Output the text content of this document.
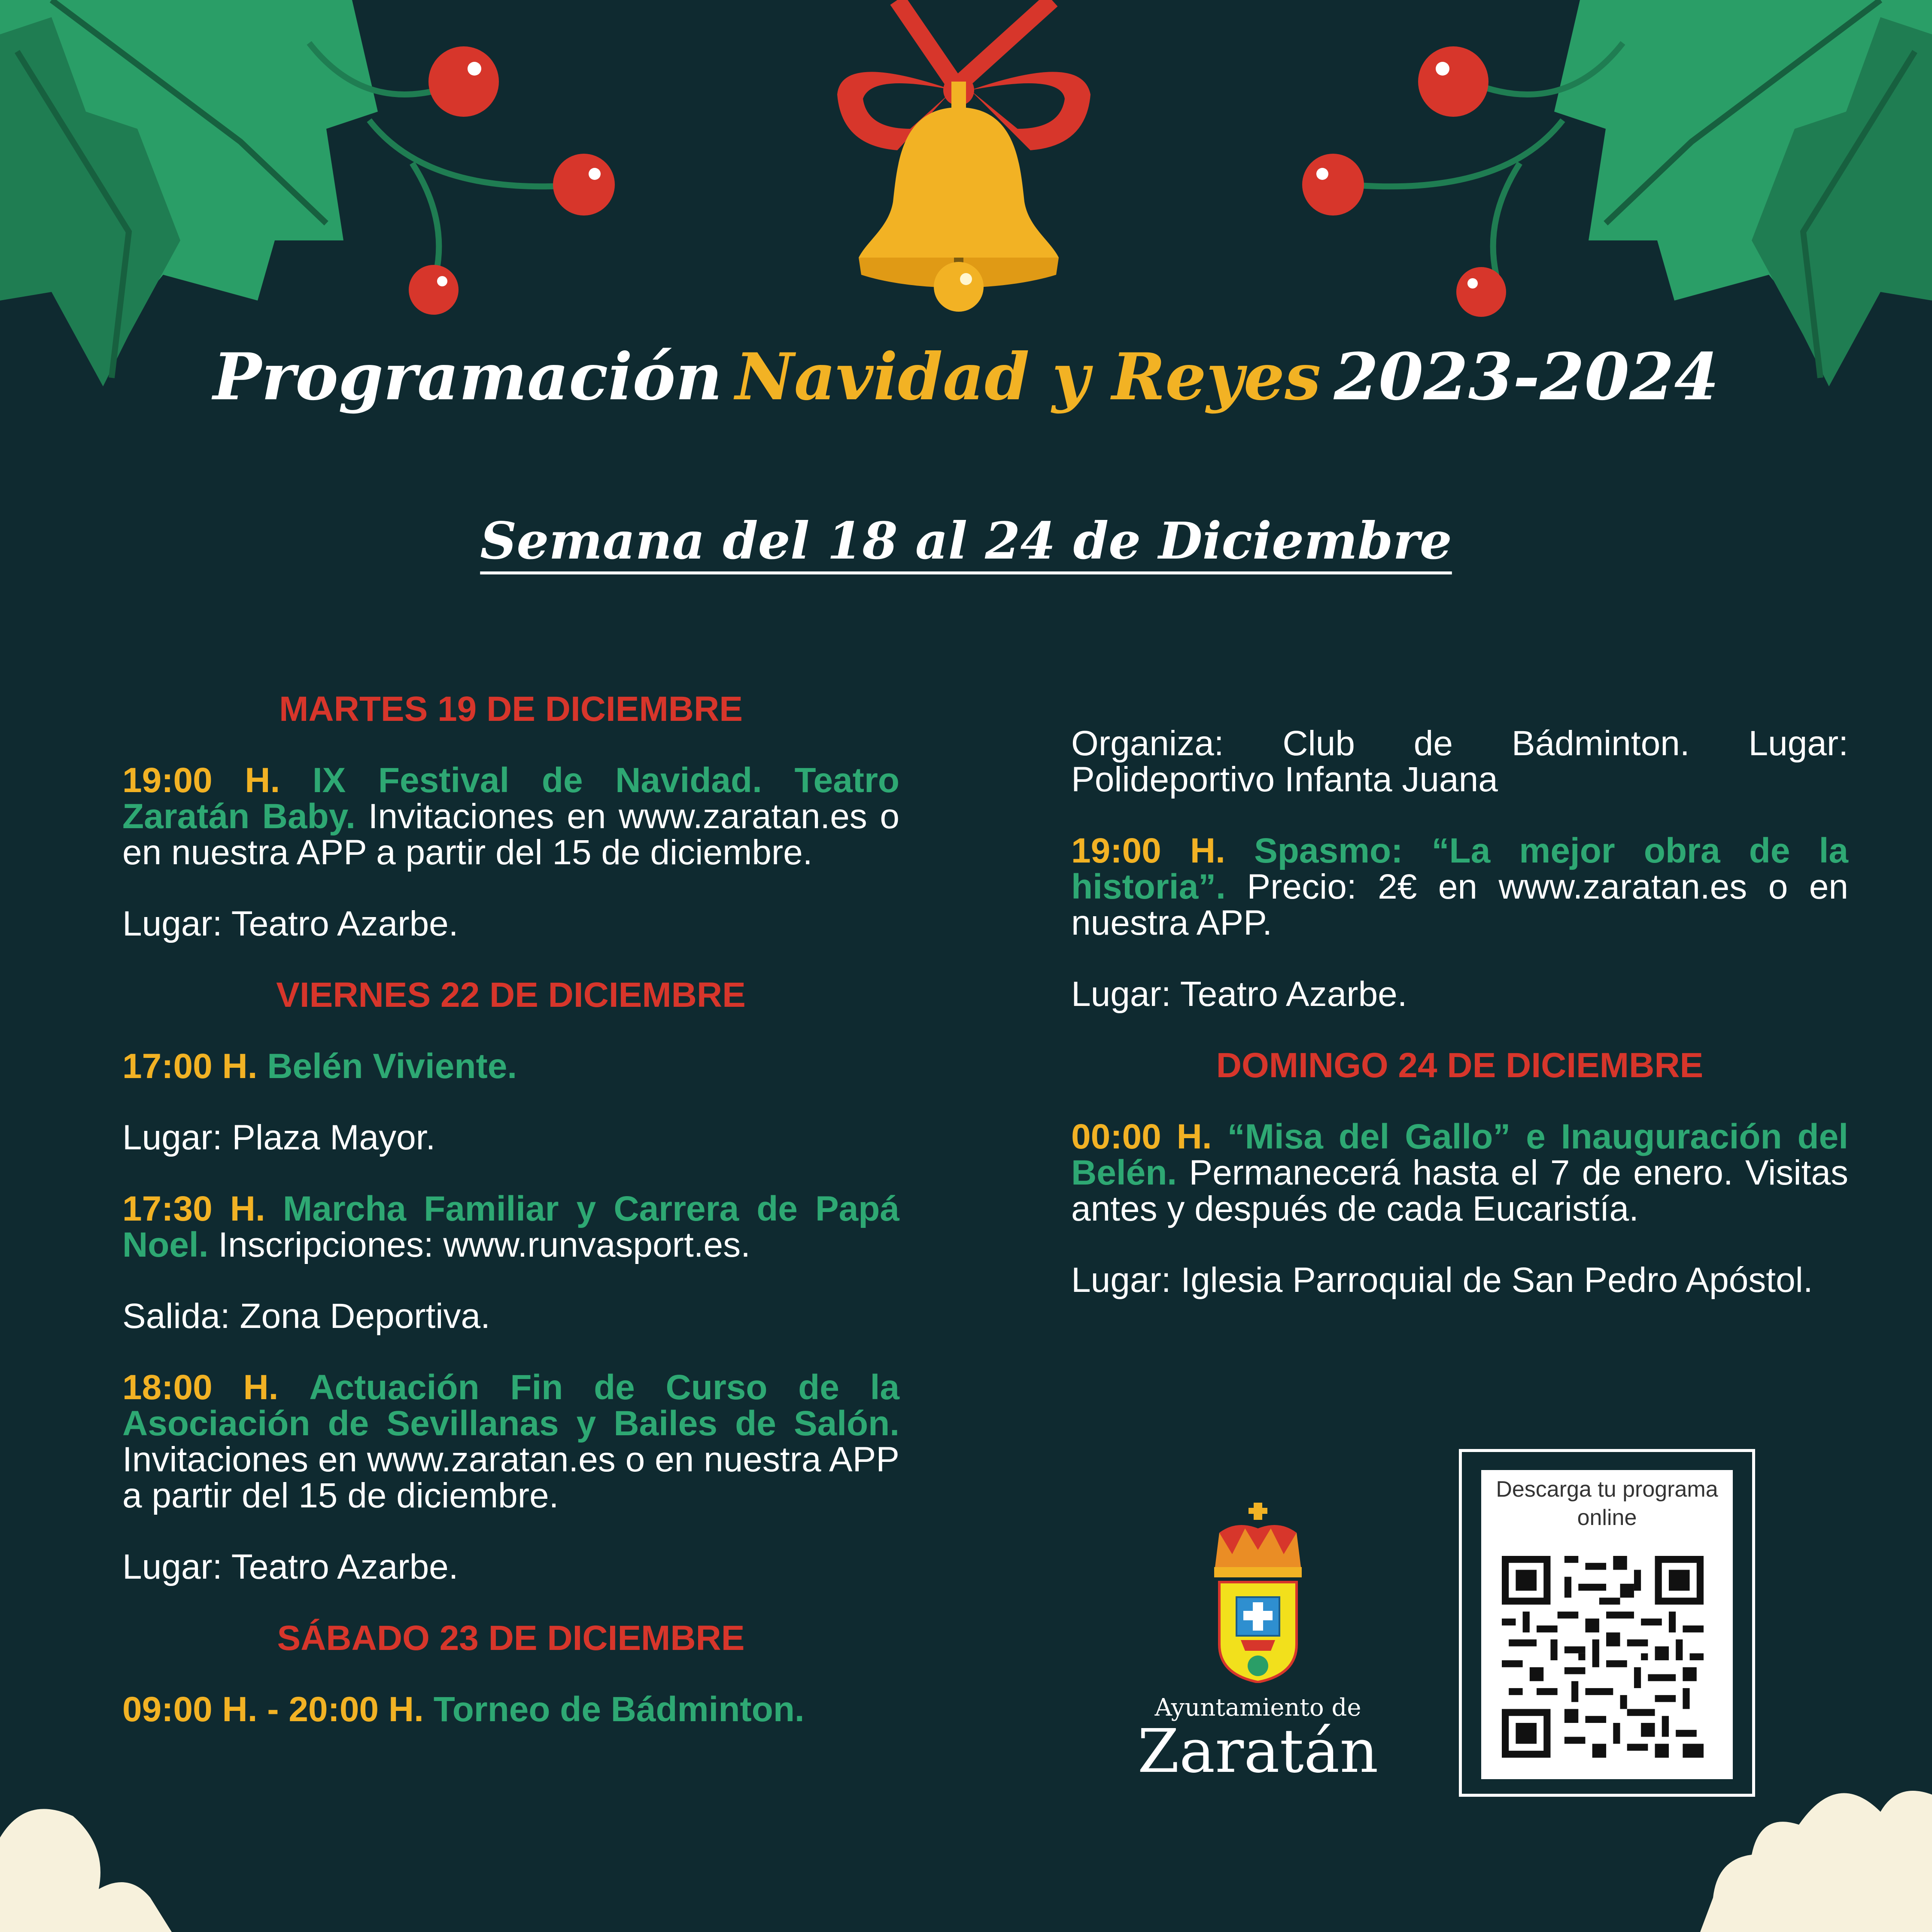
Programación Navidad y Reyes 2023-2024
Semana del 18 al 24 de Diciembre
MARTES 19 DE DICIEMBRE
19:00 H. IX Festival de Navidad. Teatro Zaratán Baby. Invitaciones en www.zaratan.es o en nuestra APP a partir del 15 de diciembre.
Lugar: Teatro Azarbe.
VIERNES 22 DE DICIEMBRE
17:00 H. Belén Viviente.
Lugar: Plaza Mayor.
17:30 H. Marcha Familiar y Carrera de Papá Noel. Inscripciones: www.runvasport.es.
Salida: Zona Deportiva.
18:00 H. Actuación Fin de Curso de la Asociación de Sevillanas y Bailes de Salón. Invitaciones en www.zaratan.es o en nuestra APP a partir del 15 de diciembre.
Lugar: Teatro Azarbe.
SÁBADO 23 DE DICIEMBRE
09:00 H. - 20:00 H. Torneo de Bádminton.
Organiza: Club de Bádminton. Lugar: Polideportivo Infanta Juana
19:00 H. Spasmo: “La mejor obra de la historia”. Precio: 2€ en www.zaratan.es o en nuestra APP.
Lugar: Teatro Azarbe.
DOMINGO 24 DE DICIEMBRE
00:00 H. “Misa del Gallo” e Inauguración del Belén. Permanecerá hasta el 7 de enero. Visitas antes y después de cada Eucaristía.
Lugar: Iglesia Parroquial de San Pedro Apóstol.
Ayuntamiento de
Zaratán
Descarga tu programa online
